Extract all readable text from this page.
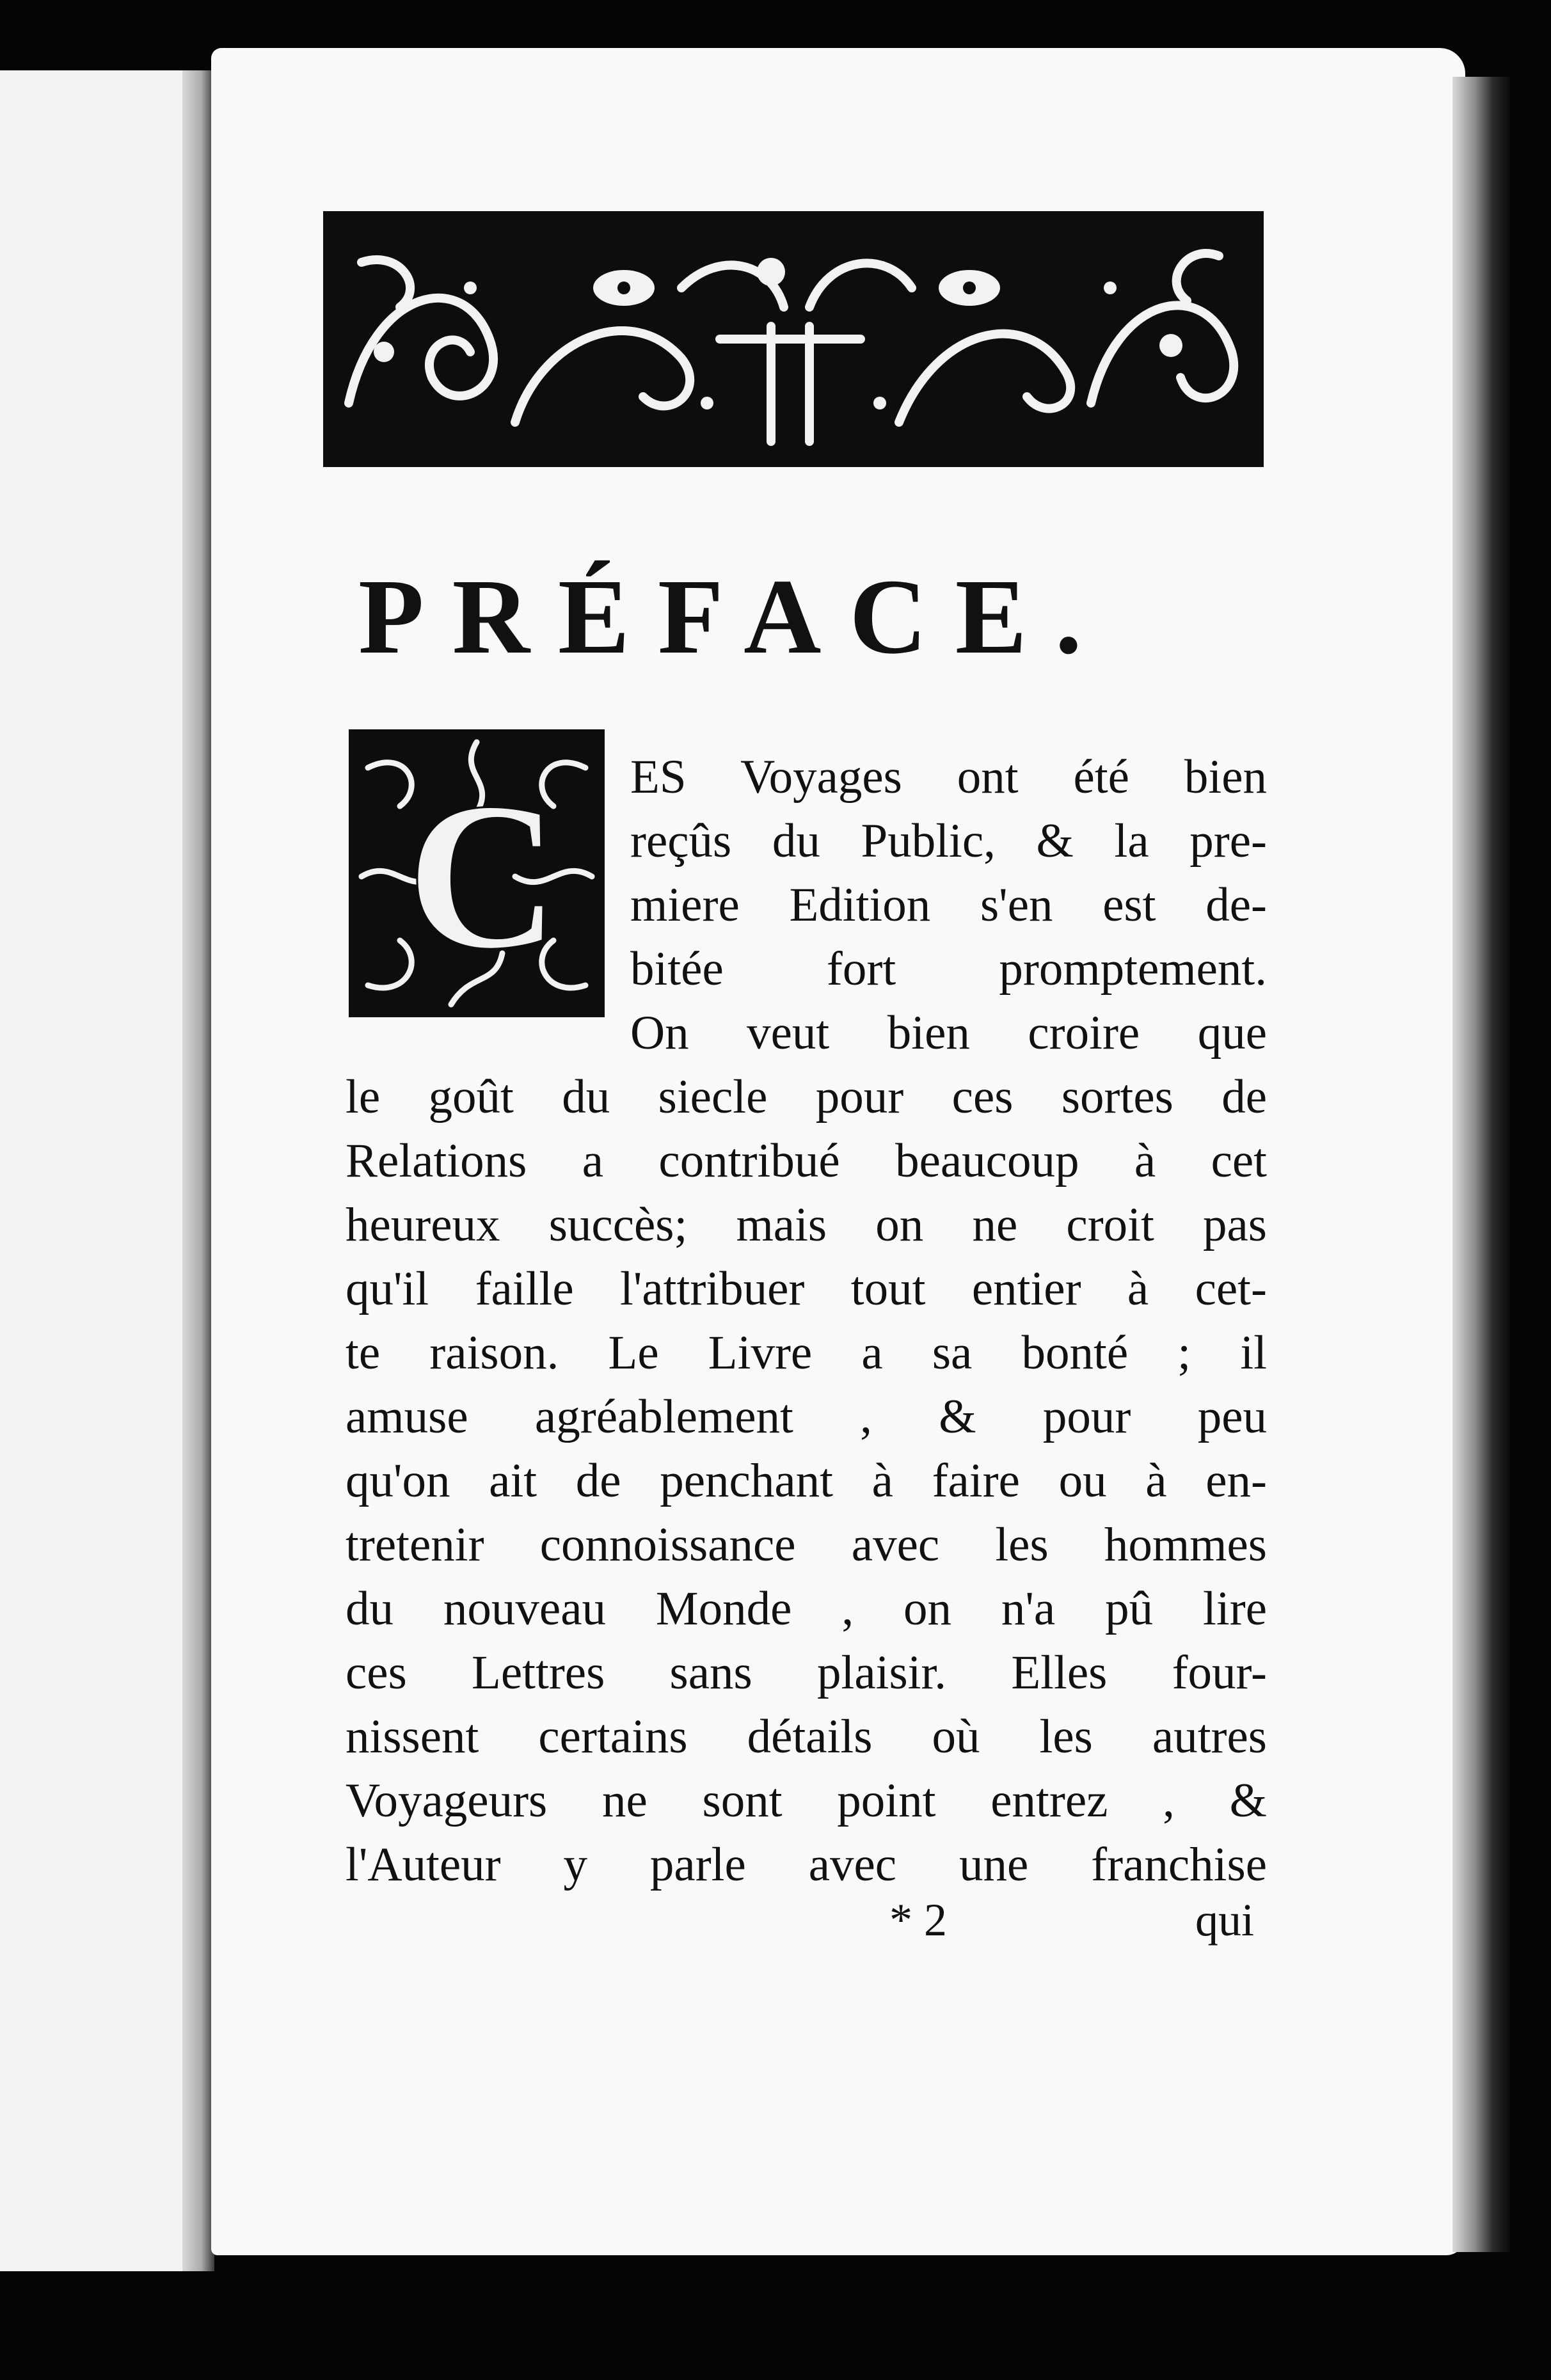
PRÉFACE.
C ES Voyages ont été bien
reçûs du Public, & la pre-
miere Edition s'en est de-
bitée fort promptement.
On veut bien croire que
le goût du siecle pour ces sortes de
Relations a contribué beaucoup à cet
heureux succès; mais on ne croit pas
qu'il faille l'attribuer tout entier à cet-
te raison. Le Livre a sa bonté ; il
amuse agréablement , & pour peu
qu'on ait de penchant à faire ou à en-
tretenir connoissance avec les hommes
du nouveau Monde , on n'a pû lire
ces Lettres sans plaisir. Elles four-
nissent certains détails où les autres
Voyageurs ne sont point entrez , &
l'Auteur y parle avec une franchise
* 2	qui
